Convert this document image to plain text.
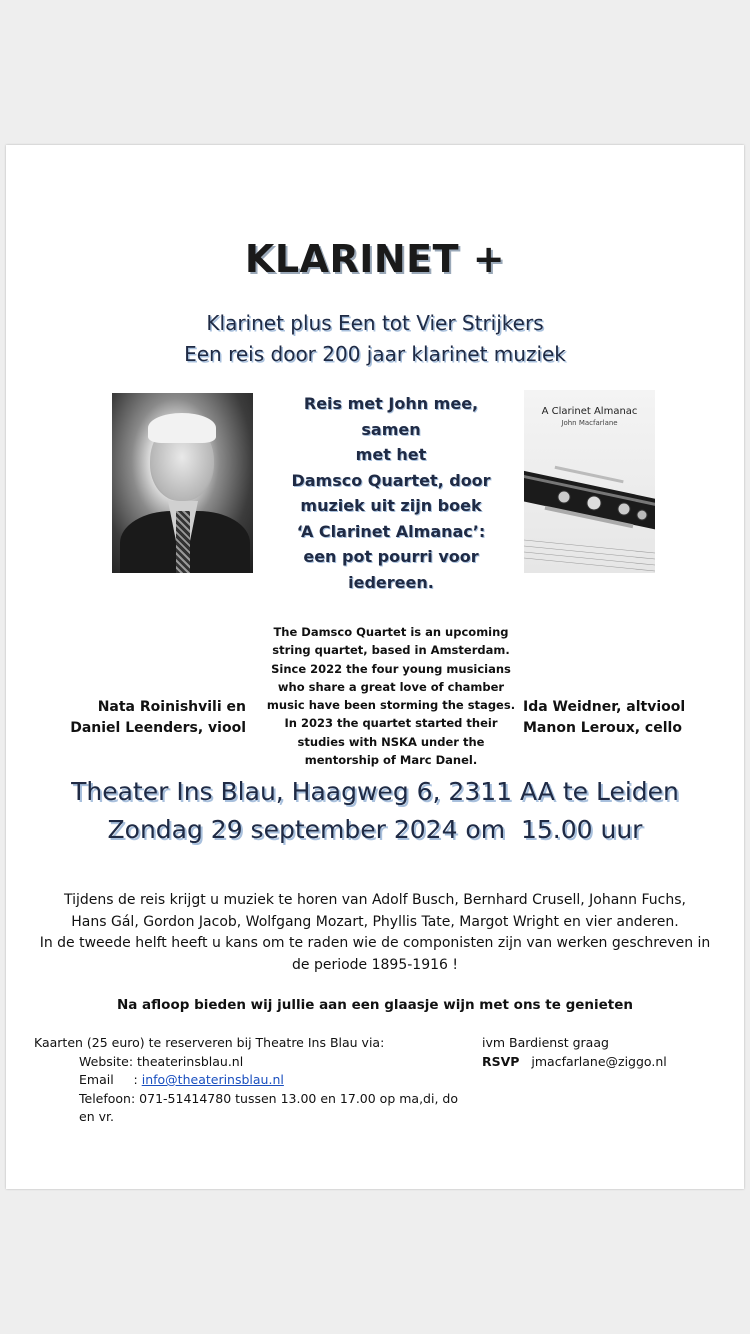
KLARINET +
Klarinet plus Een tot Vier Strijkers
Een reis door 200 jaar klarinet muziek
Reis met John mee, samen
met het
Damsco Quartet, door
muziek uit zijn boek
‘A Clarinet Almanac’:
een pot pourri voor
iedereen.
A Clarinet Almanac
John Macfarlane
The Damsco Quartet is an upcoming
string quartet, based in Amsterdam.
Since 2022 the four young musicians
who share a great love of chamber
music have been storming the stages.
In 2023 the quartet started their
studies with NSKA under the
mentorship of Marc Danel.
Nata Roinishvili en
Daniel Leenders, viool
Ida Weidner, altviool
Manon Leroux, cello
Theater Ins Blau, Haagweg 6, 2311 AA te Leiden
Zondag 29 september 2024 om  15.00 uur
Tijdens de reis krijgt u muziek te horen van Adolf Busch, Bernhard Crusell, Johann Fuchs,
Hans Gál, Gordon Jacob, Wolfgang Mozart, Phyllis Tate, Margot Wright en vier anderen.
In de tweede helft heeft u kans om te raden wie de componisten zijn van werken geschreven in
de periode 1895-1916 !
Na afloop bieden wij jullie aan een glaasje wijn met ons te genieten
Kaarten (25 euro) te reserveren bij Theatre Ins Blau via:
Website: theaterinsblau.nl
Email     : info@theaterinsblau.nl
Telefoon: 071-51414780 tussen 13.00 en 17.00 op ma,di, do en vr.
ivm Bardienst graag
RSVP jmacfarlane@ziggo.nl
